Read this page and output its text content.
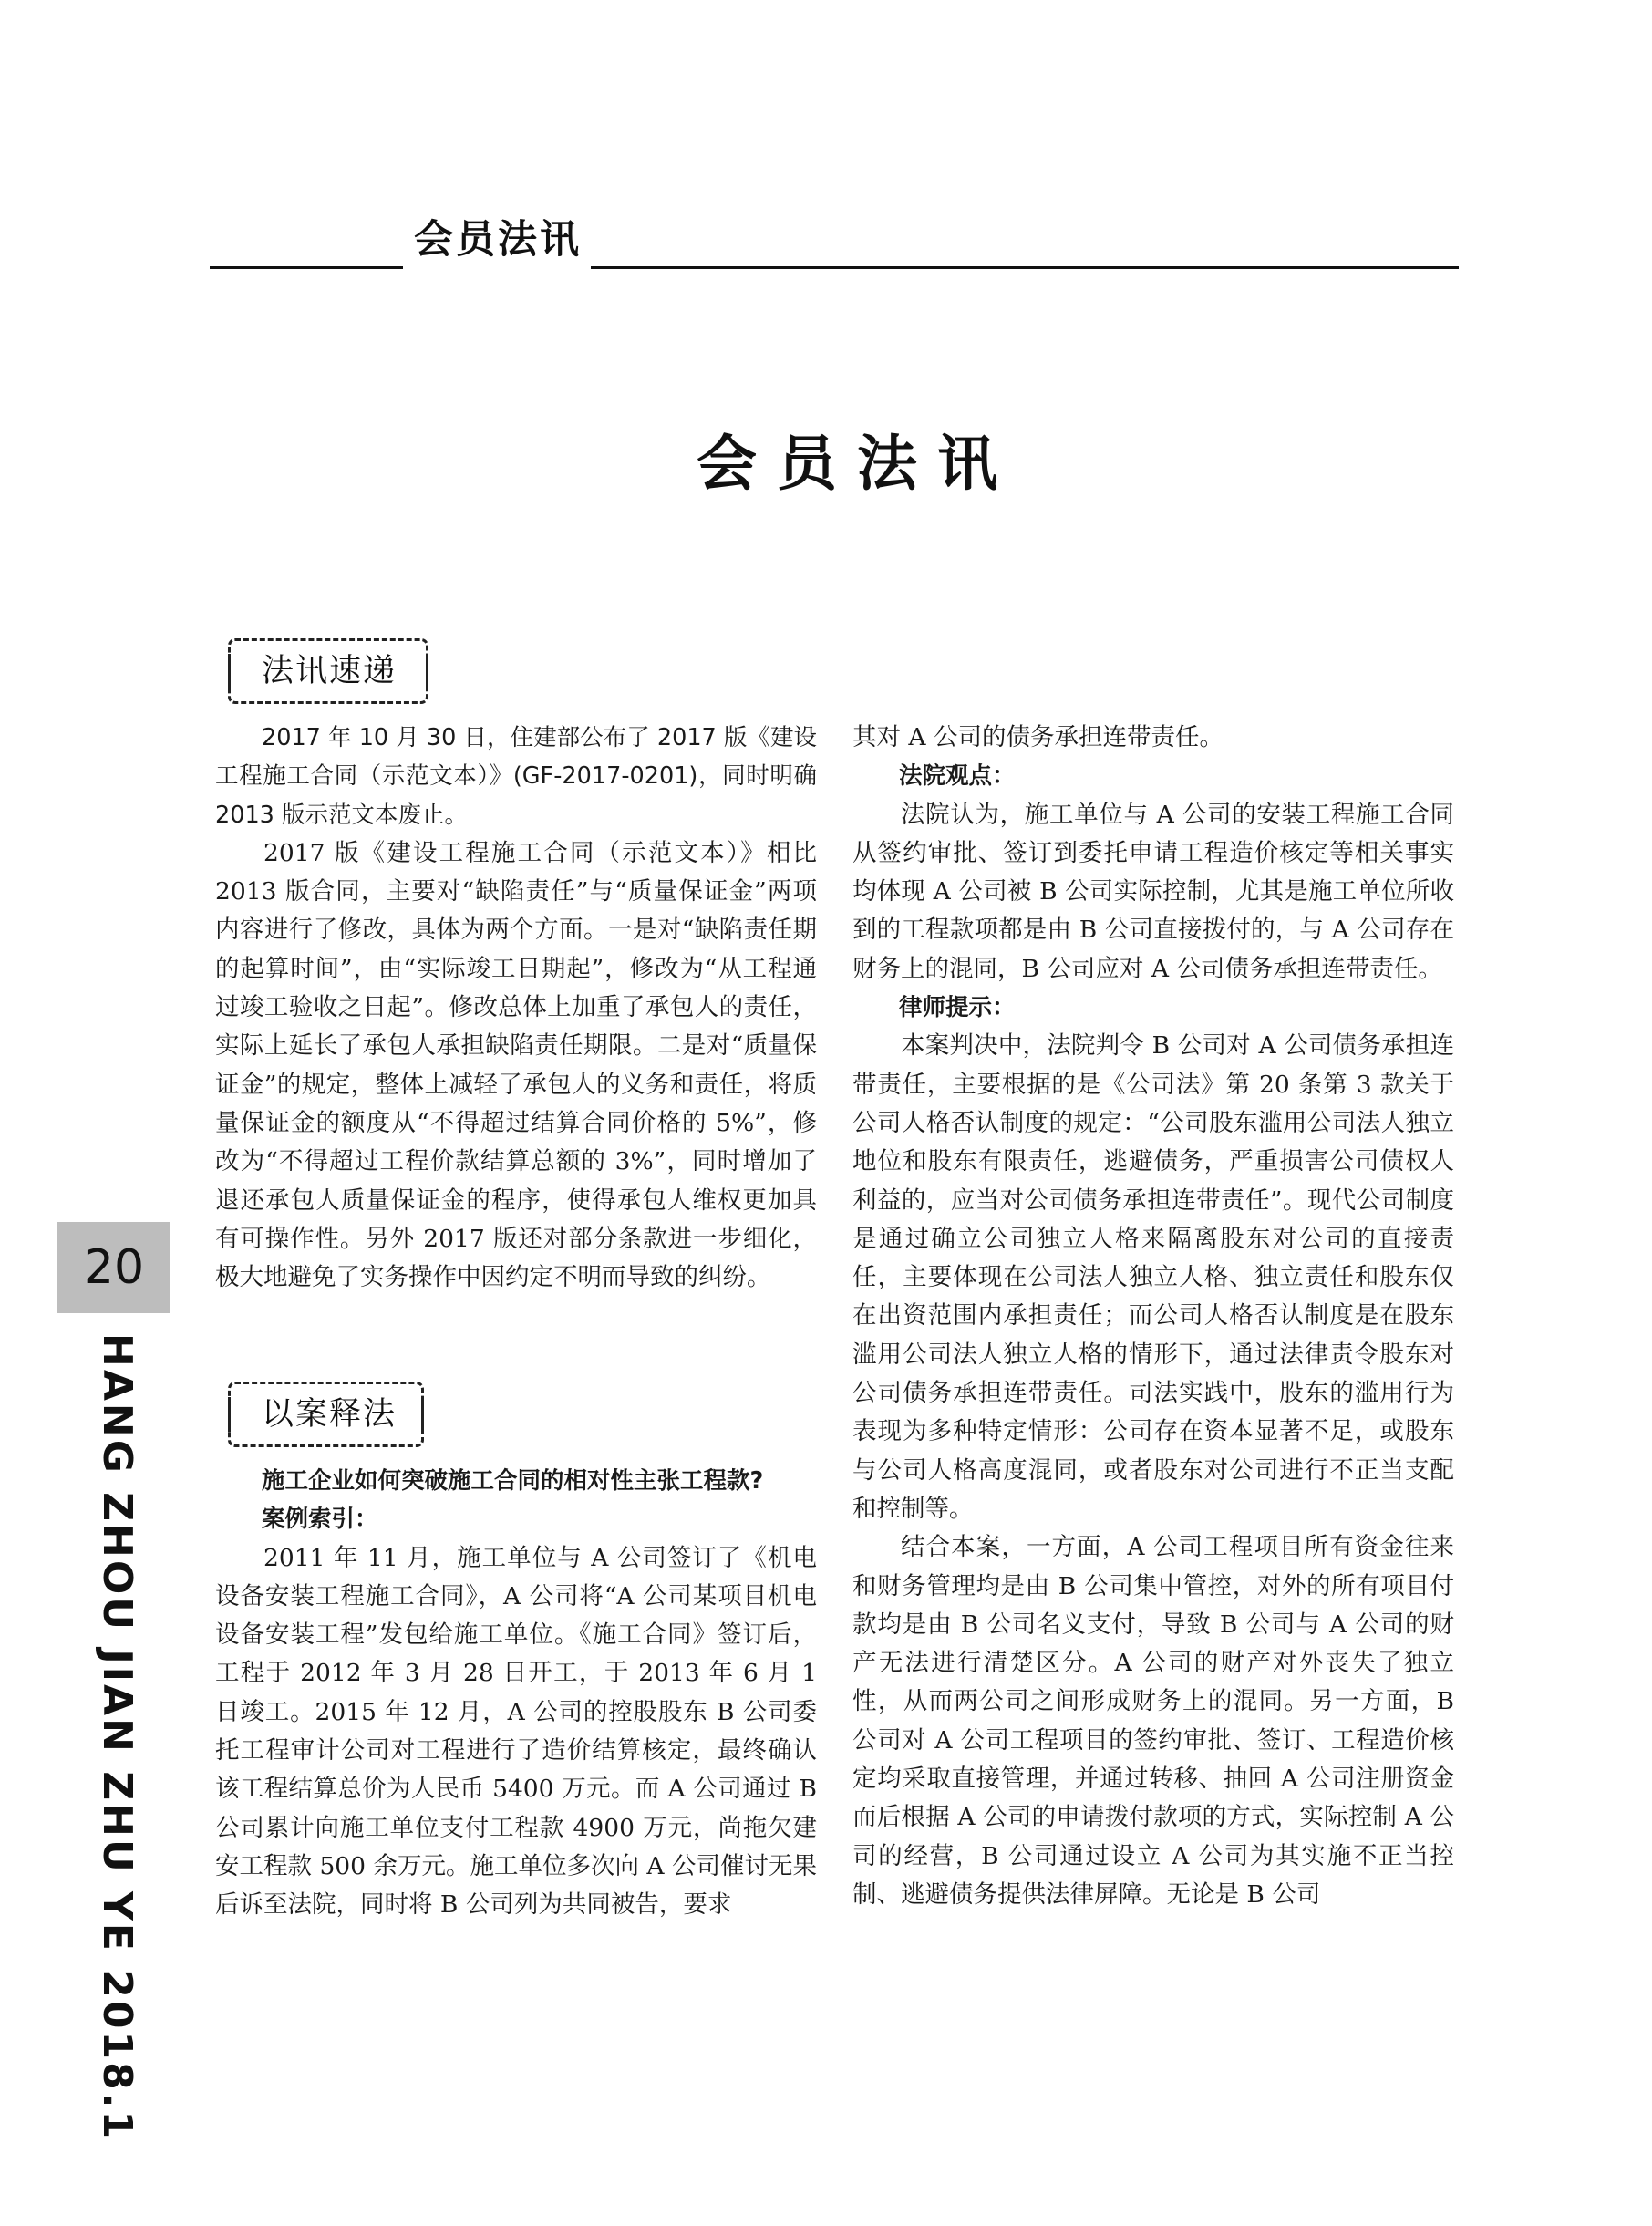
会员法讯
会员法讯
法讯速递

2017 年 10 月 30 日，住建部公布了 2017 版《建设工程施工合同（示范文本）》(GF-2017-0201)，同时明确 2013 版示范文本废止。

2017 版《建设工程施工合同（示范文本）》相比 2013 版合同，主要对“缺陷责任”与“质量保证金”两项内容进行了修改，具体为两个方面。一是对“缺陷责任期的起算时间”，由“实际竣工日期起”，修改为“从工程通过竣工验收之日起”。修改总体上加重了承包人的责任，实际上延长了承包人承担缺陷责任期限。二是对“质量保证金”的规定，整体上减轻了承包人的义务和责任，将质量保证金的额度从“不得超过结算合同价格的 5%”，修改为“不得超过工程价款结算总额的 3%”，同时增加了退还承包人质量保证金的程序，使得承包人维权更加具有可操作性。另外 2017 版还对部分条款进一步细化，极大地避免了实务操作中因约定不明而导致的纠纷。

以案释法

施工企业如何突破施工合同的相对性主张工程款?

案例索引：

2011 年 11 月，施工单位与 A 公司签订了《机电设备安装工程施工合同》，A 公司将“A 公司某项目机电设备安装工程”发包给施工单位。《施工合同》签订后，工程于 2012 年 3 月 28 日开工，于 2013 年 6 月 1 日竣工。2015 年 12 月，A 公司的控股股东 B 公司委托工程审计公司对工程进行了造价结算核定，最终确认该工程结算总价为人民币 5400 万元。而 A 公司通过 B 公司累计向施工单位支付工程款 4900 万元，尚拖欠建安工程款 500 余万元。施工单位多次向 A 公司催讨无果后诉至法院，同时将 B 公司列为共同被告，要求

其对 A 公司的债务承担连带责任。

法院观点：

法院认为，施工单位与 A 公司的安装工程施工合同从签约审批、签订到委托申请工程造价核定等相关事实均体现 A 公司被 B 公司实际控制，尤其是施工单位所收到的工程款项都是由 B 公司直接拨付的，与 A 公司存在财务上的混同，B 公司应对 A 公司债务承担连带责任。

律师提示：

本案判决中，法院判令 B 公司对 A 公司债务承担连带责任，主要根据的是《公司法》第 20 条第 3 款关于公司人格否认制度的规定：“公司股东滥用公司法人独立地位和股东有限责任，逃避债务，严重损害公司债权人利益的，应当对公司债务承担连带责任”。现代公司制度是通过确立公司独立人格来隔离股东对公司的直接责任，主要体现在公司法人独立人格、独立责任和股东仅在出资范围内承担责任；而公司人格否认制度是在股东滥用公司法人独立人格的情形下，通过法律责令股东对公司债务承担连带责任。司法实践中，股东的滥用行为表现为多种特定情形：公司存在资本显著不足，或股东与公司人格高度混同，或者股东对公司进行不正当支配和控制等。

结合本案，一方面，A 公司工程项目所有资金往来和财务管理均是由 B 公司集中管控，对外的所有项目付款均是由 B 公司名义支付，导致 B 公司与 A 公司的财产无法进行清楚区分。A 公司的财产对外丧失了独立性，从而两公司之间形成财务上的混同。另一方面，B 公司对 A 公司工程项目的签约审批、签订、工程造价核定均采取直接管理，并通过转移、抽回 A 公司注册资金而后根据 A 公司的申请拨付款项的方式，实际控制 A 公司的经营，B 公司通过设立 A 公司为其实施不正当控制、逃避债务提供法律屏障。无论是 B 公司

20
HANG ZHOU JIAN ZHU YE 2018.1
